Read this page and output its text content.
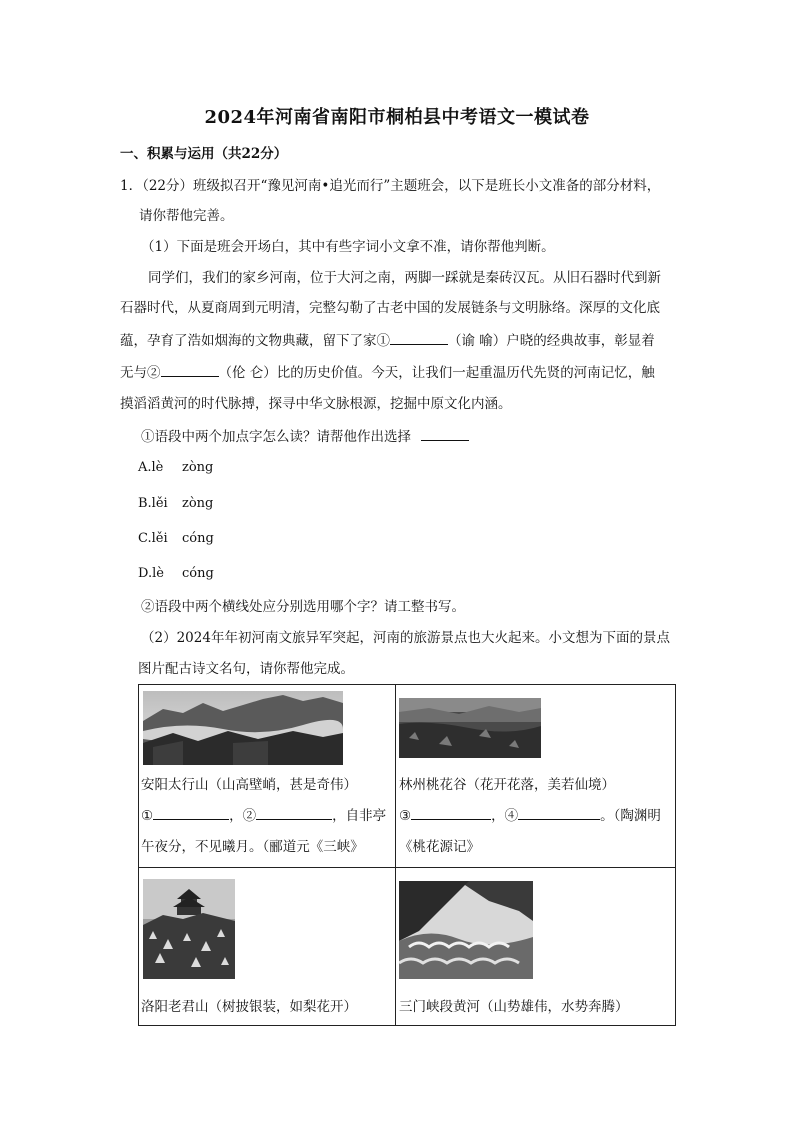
2024年河南省南阳市桐柏县中考语文一模试卷
一、积累与运用（共22分）
1．（22分）班级拟召开“豫见河南•追光而行”主题班会，以下是班长小文准备的部分材料，
请你帮他完善。
（1）下面是班会开场白，其中有些字词小文拿不准，请你帮他判断。
同学们，我们的家乡河南，位于大河之南，两脚一踩就是秦砖汉瓦。从旧石器时代到新
石器时代，从夏商周到元明清，完整勾勒了古老中国的发展链条与文明脉络。深厚的文化底
蕴，孕育了浩如烟海的文物典藏，留下了家①	（谕 喻）户晓的经典故事，彰显着
无与②	（伦 仑）比的历史价值。今天，让我们一起重温历代先贤的河南记忆，触
摸滔滔黄河的时代脉搏，探寻中华文脉根源，挖掘中原文化内涵。
①语段中两个加点字怎么读？请帮他作出选择
A.lè zòng
B.lěi zòng
C.lěi cóng
D.lè cóng
②语段中两个横线处应分别选用哪个字？请工整书写。
（2）2024年年初河南文旅异军突起，河南的旅游景点也大火起来。小文想为下面的景点
图片配古诗文名句，请你帮他完成。
安阳太行山（山高壁峭，甚是奇伟）
①	，②	，自非亭
午夜分，不见曦月。（郦道元《三峡》
林州桃花谷（花开花落，美若仙境）
③	，④	。（陶渊明
《桃花源记》
洛阳老君山（树披银装，如梨花开）	三门峡段黄河（山势雄伟，水势奔腾）
